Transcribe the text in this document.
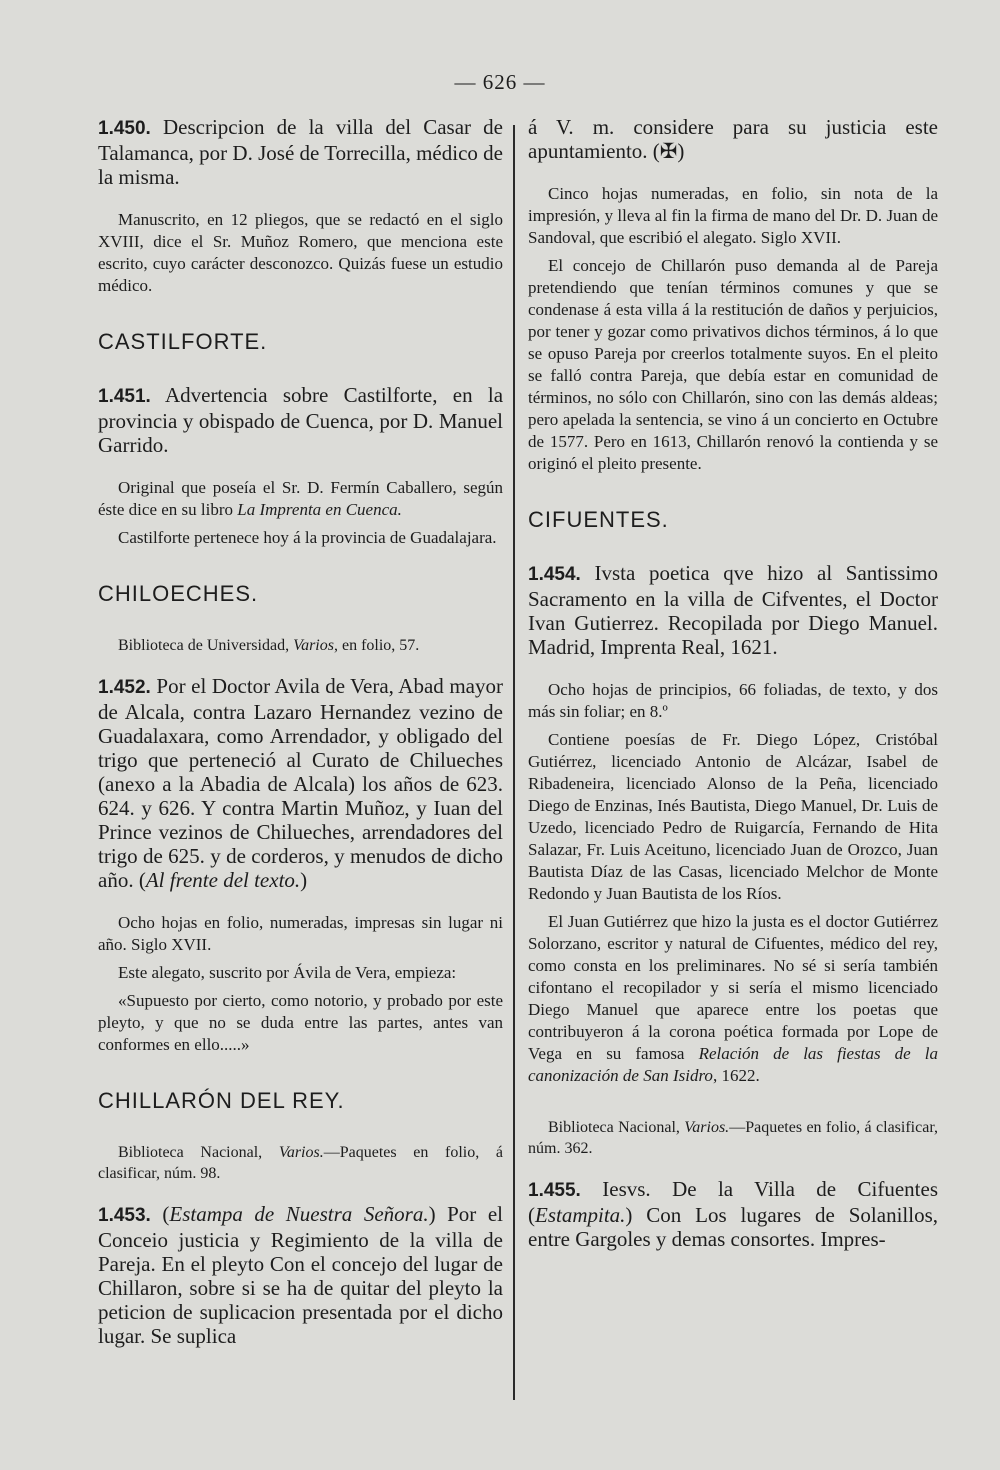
— 626 —

1.450. Descripcion de la villa del Casar de Talamanca, por D. José de Torrecilla, médico de la misma.

Manuscrito, en 12 pliegos, que se redactó en el siglo XVIII, dice el Sr. Muñoz Romero, que menciona este escrito, cuyo carácter desconozco. Quizás fuese un estudio médico.

CASTILFORTE.

1.451. Advertencia sobre Castilforte, en la provincia y obispado de Cuenca, por D. Manuel Garrido.

Original que poseía el Sr. D. Fermín Caballero, según éste dice en su libro La Imprenta en Cuenca.

Castilforte pertenece hoy á la provincia de Guadalajara.

CHILOECHES.

Biblioteca de Universidad, Varios, en folio, 57.

1.452. Por el Doctor Avila de Vera, Abad mayor de Alcala, contra Lazaro Hernandez vezino de Guadalaxara, como Arrendador, y obligado del trigo que perteneció al Curato de Chilueches (anexo a la Abadia de Alcala) los años de 623. 624. y 626. Y contra Martin Muñoz, y Iuan del Prince vezinos de Chilueches, arrendadores del trigo de 625. y de corderos, y menudos de dicho año. (Al frente del texto.)

Ocho hojas en folio, numeradas, impresas sin lugar ni año. Siglo XVII.

Este alegato, suscrito por Ávila de Vera, empieza:

«Supuesto por cierto, como notorio, y probado por este pleyto, y que no se duda entre las partes, antes van conformes en ello.....»

CHILLARÓN DEL REY.

Biblioteca Nacional, Varios.—Paquetes en folio, á clasificar, núm. 98.

1.453. (Estampa de Nuestra Señora.) Por el Conceio justicia y Regimiento de la villa de Pareja. En el pleyto Con el concejo del lugar de Chillaron, sobre si se ha de quitar del pleyto la peticion de suplicacion presentada por el dicho lugar. Se suplica

á V. m. considere para su justicia este apuntamiento. (✠)

Cinco hojas numeradas, en folio, sin nota de la impresión, y lleva al fin la firma de mano del Dr. D. Juan de Sandoval, que escribió el alegato. Siglo XVII.

El concejo de Chillarón puso demanda al de Pareja pretendiendo que tenían términos comunes y que se condenase á esta villa á la restitución de daños y perjuicios, por tener y gozar como privativos dichos términos, á lo que se opuso Pareja por creerlos totalmente suyos. En el pleito se falló contra Pareja, que debía estar en comunidad de términos, no sólo con Chillarón, sino con las demás aldeas; pero apelada la sentencia, se vino á un concierto en Octubre de 1577. Pero en 1613, Chillarón renovó la contienda y se originó el pleito presente.

CIFUENTES.

1.454. Ivsta poetica qve hizo al Santissimo Sacramento en la villa de Cifventes, el Doctor Ivan Gutierrez. Recopilada por Diego Manuel. Madrid, Imprenta Real, 1621.

Ocho hojas de principios, 66 foliadas, de texto, y dos más sin foliar; en 8.º

Contiene poesías de Fr. Diego López, Cristóbal Gutiérrez, licenciado Antonio de Alcázar, Isabel de Ribadeneira, licenciado Alonso de la Peña, licenciado Diego de Enzinas, Inés Bautista, Diego Manuel, Dr. Luis de Uzedo, licenciado Pedro de Ruigarcía, Fernando de Hita Salazar, Fr. Luis Aceituno, licenciado Juan de Orozco, Juan Bautista Díaz de las Casas, licenciado Melchor de Monte Redondo y Juan Bautista de los Ríos.

El Juan Gutiérrez que hizo la justa es el doctor Gutiérrez Solorzano, escritor y natural de Cifuentes, médico del rey, como consta en los preliminares. No sé si sería también cifontano el recopilador y si sería el mismo licenciado Diego Manuel que aparece entre los poetas que contribuyeron á la corona poética formada por Lope de Vega en su famosa Relación de las fiestas de la canonización de San Isidro, 1622.

Biblioteca Nacional, Varios.—Paquetes en folio, á clasificar, núm. 362.

1.455. Iesvs. De la Villa de Cifuentes (Estampita.) Con Los lugares de Solanillos, entre Gargoles y demas consortes. Impres-
